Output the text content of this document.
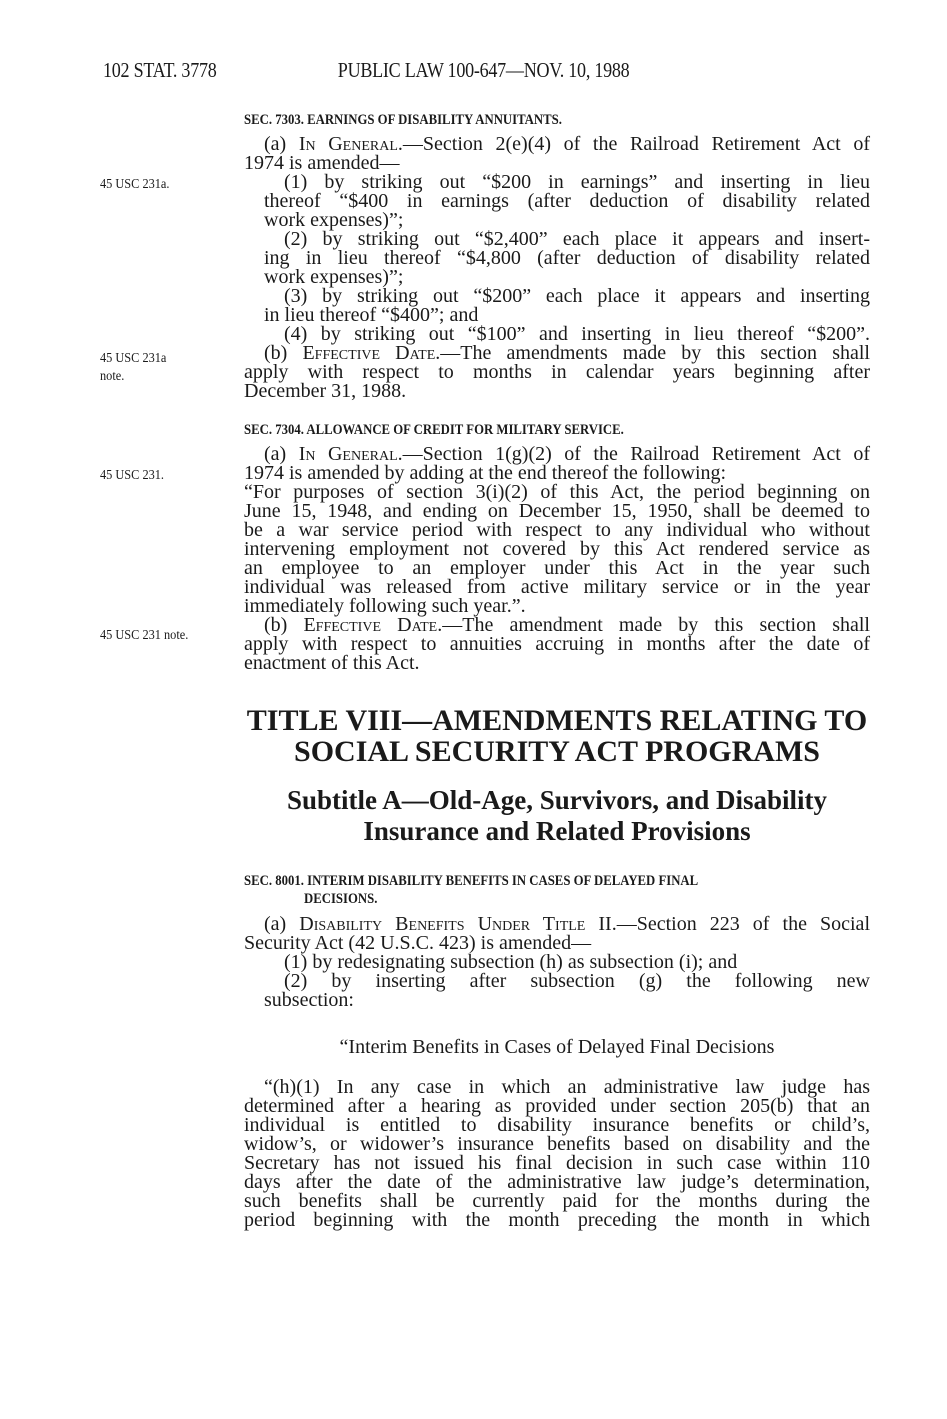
102 STAT. 3778	PUBLIC LAW 100-647—NOV. 10, 1988
45 USC 231a.
45 USC 231a
note.
45 USC 231.
45 USC 231 note.
SEC. 7303. EARNINGS OF DISABILITY ANNUITANTS.
(a) In General.—Section 2(e)(4) of the Railroad Retirement Act of
1974 is amended—
(1) by striking out “$200 in earnings” and inserting in lieu
thereof “$400 in earnings (after deduction of disability related
work expenses)”;
(2) by striking out “$2,400” each place it appears and insert-
ing in lieu thereof “$4,800 (after deduction of disability related
work expenses)”;
(3) by striking out “$200” each place it appears and inserting
in lieu thereof “$400”; and
(4) by striking out “$100” and inserting in lieu thereof “$200”.
(b) Effective Date.—The amendments made by this section shall
apply with respect to months in calendar years beginning after
December 31, 1988.
SEC. 7304. ALLOWANCE OF CREDIT FOR MILITARY SERVICE.
(a) In General.—Section 1(g)(2) of the Railroad Retirement Act of
1974 is amended by adding at the end thereof the following:
“For purposes of section 3(i)(2) of this Act, the period beginning on
June 15, 1948, and ending on December 15, 1950, shall be deemed to
be a war service period with respect to any individual who without
intervening employment not covered by this Act rendered service as
an employee to an employer under this Act in the year such
individual was released from active military service or in the year
immediately following such year.”.
(b) Effective Date.—The amendment made by this section shall
apply with respect to annuities accruing in months after the date of
enactment of this Act.
TITLE VIII—AMENDMENTS RELATING TO
SOCIAL SECURITY ACT PROGRAMS
Subtitle A—Old-Age, Survivors, and Disability
Insurance and Related Provisions
SEC. 8001. INTERIM DISABILITY BENEFITS IN CASES OF DELAYED FINAL
DECISIONS.
(a) Disability Benefits Under Title II.—Section 223 of the Social
Security Act (42 U.S.C. 423) is amended—
(1) by redesignating subsection (h) as subsection (i); and
(2) by inserting after subsection (g) the following new
subsection:
“Interim Benefits in Cases of Delayed Final Decisions
“(h)(1) In any case in which an administrative law judge has
determined after a hearing as provided under section 205(b) that an
individual is entitled to disability insurance benefits or child’s,
widow’s, or widower’s insurance benefits based on disability and the
Secretary has not issued his final decision in such case within 110
days after the date of the administrative law judge’s determination,
such benefits shall be currently paid for the months during the
period beginning with the month preceding the month in which
